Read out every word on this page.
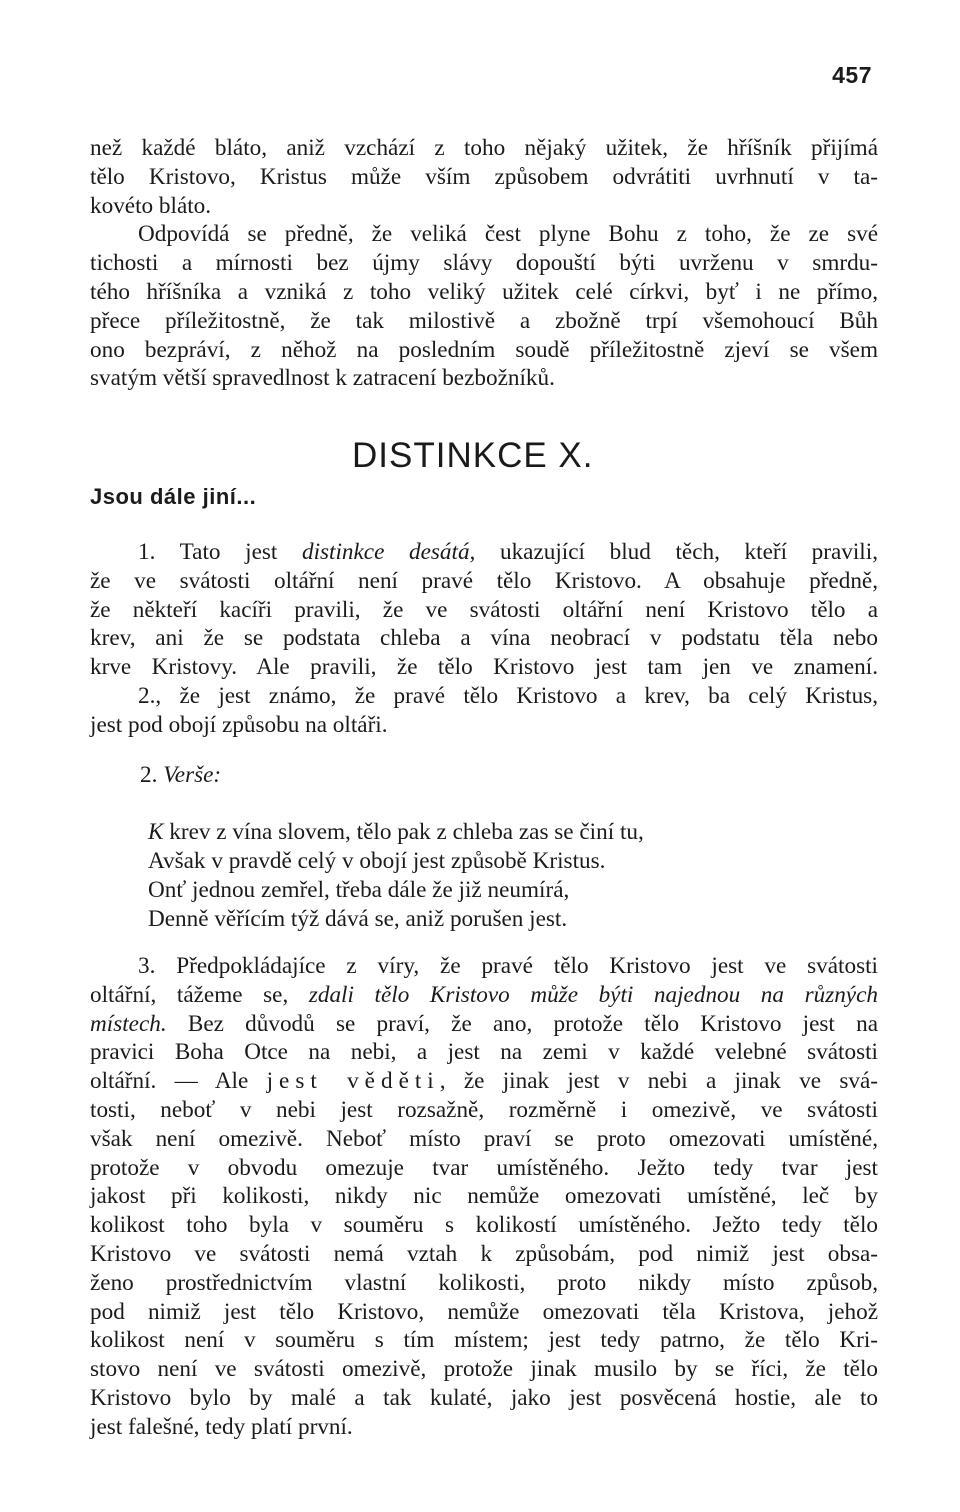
457
než každé bláto, aniž vzchází z toho nějaký užitek, že hříšník přijímá
tělo Kristovo, Kristus může vším způsobem odvrátiti uvrhnutí v ta-
kovéto bláto.
Odpovídá se předně, že veliká čest plyne Bohu z toho, že ze své
tichosti a mírnosti bez újmy slávy dopouští býti uvrženu v smrdu-
tého hříšníka a vzniká z toho veliký užitek celé církvi, byť i ne přímo,
přece příležitostně, že tak milostivě a zbožně trpí všemohoucí Bůh
ono bezpráví, z něhož na posledním soudě příležitostně zjeví se všem
svatým větší spravedlnost k zatracení bezbožníků.
DISTINKCE X.
Jsou dále jiní...
1. Tato jest distinkce desátá, ukazující blud těch, kteří pravili,
že ve svátosti oltářní není pravé tělo Kristovo. A obsahuje předně,
že někteří kacíři pravili, že ve svátosti oltářní není Kristovo tělo a
krev, ani že se podstata chleba a vína neobrací v podstatu těla nebo
krve Kristovy. Ale pravili, že tělo Kristovo jest tam jen ve znamení.
2., že jest známo, že pravé tělo Kristovo a krev, ba celý Kristus,
jest pod obojí způsobu na oltáři.
2. Verše:
K krev z vína slovem, tělo pak z chleba zas se činí tu,
Avšak v pravdě celý v obojí jest způsobě Kristus.
Onť jednou zemřel, třeba dále že již neumírá,
Denně věřícím týž dává se, aniž porušen jest.
3. Předpokládajíce z víry, že pravé tělo Kristovo jest ve svátosti
oltářní, tážeme se, zdali tělo Kristovo může býti najednou na různých
místech. Bez důvodů se praví, že ano, protože tělo Kristovo jest na
pravici Boha Otce na nebi, a jest na zemi v každé velebné svátosti
oltářní. — Ale jest věděti, že jinak jest v nebi a jinak ve svá-
tosti, neboť v nebi jest rozsažně, rozměrně i omezivě, ve svátosti
však není omezivě. Neboť místo praví se proto omezovati umístěné,
protože v obvodu omezuje tvar umístěného. Ježto tedy tvar jest
jakost při kolikosti, nikdy nic nemůže omezovati umístěné, leč by
kolikost toho byla v souměru s kolikostí umístěného. Ježto tedy tělo
Kristovo ve svátosti nemá vztah k způsobám, pod nimiž jest obsa-
ženo prostřednictvím vlastní kolikosti, proto nikdy místo způsob,
pod nimiž jest tělo Kristovo, nemůže omezovati těla Kristova, jehož
kolikost není v souměru s tím místem; jest tedy patrno, že tělo Kri-
stovo není ve svátosti omezivě, protože jinak musilo by se říci, že tělo
Kristovo bylo by malé a tak kulaté, jako jest posvěcená hostie, ale to
jest falešné, tedy platí první.
